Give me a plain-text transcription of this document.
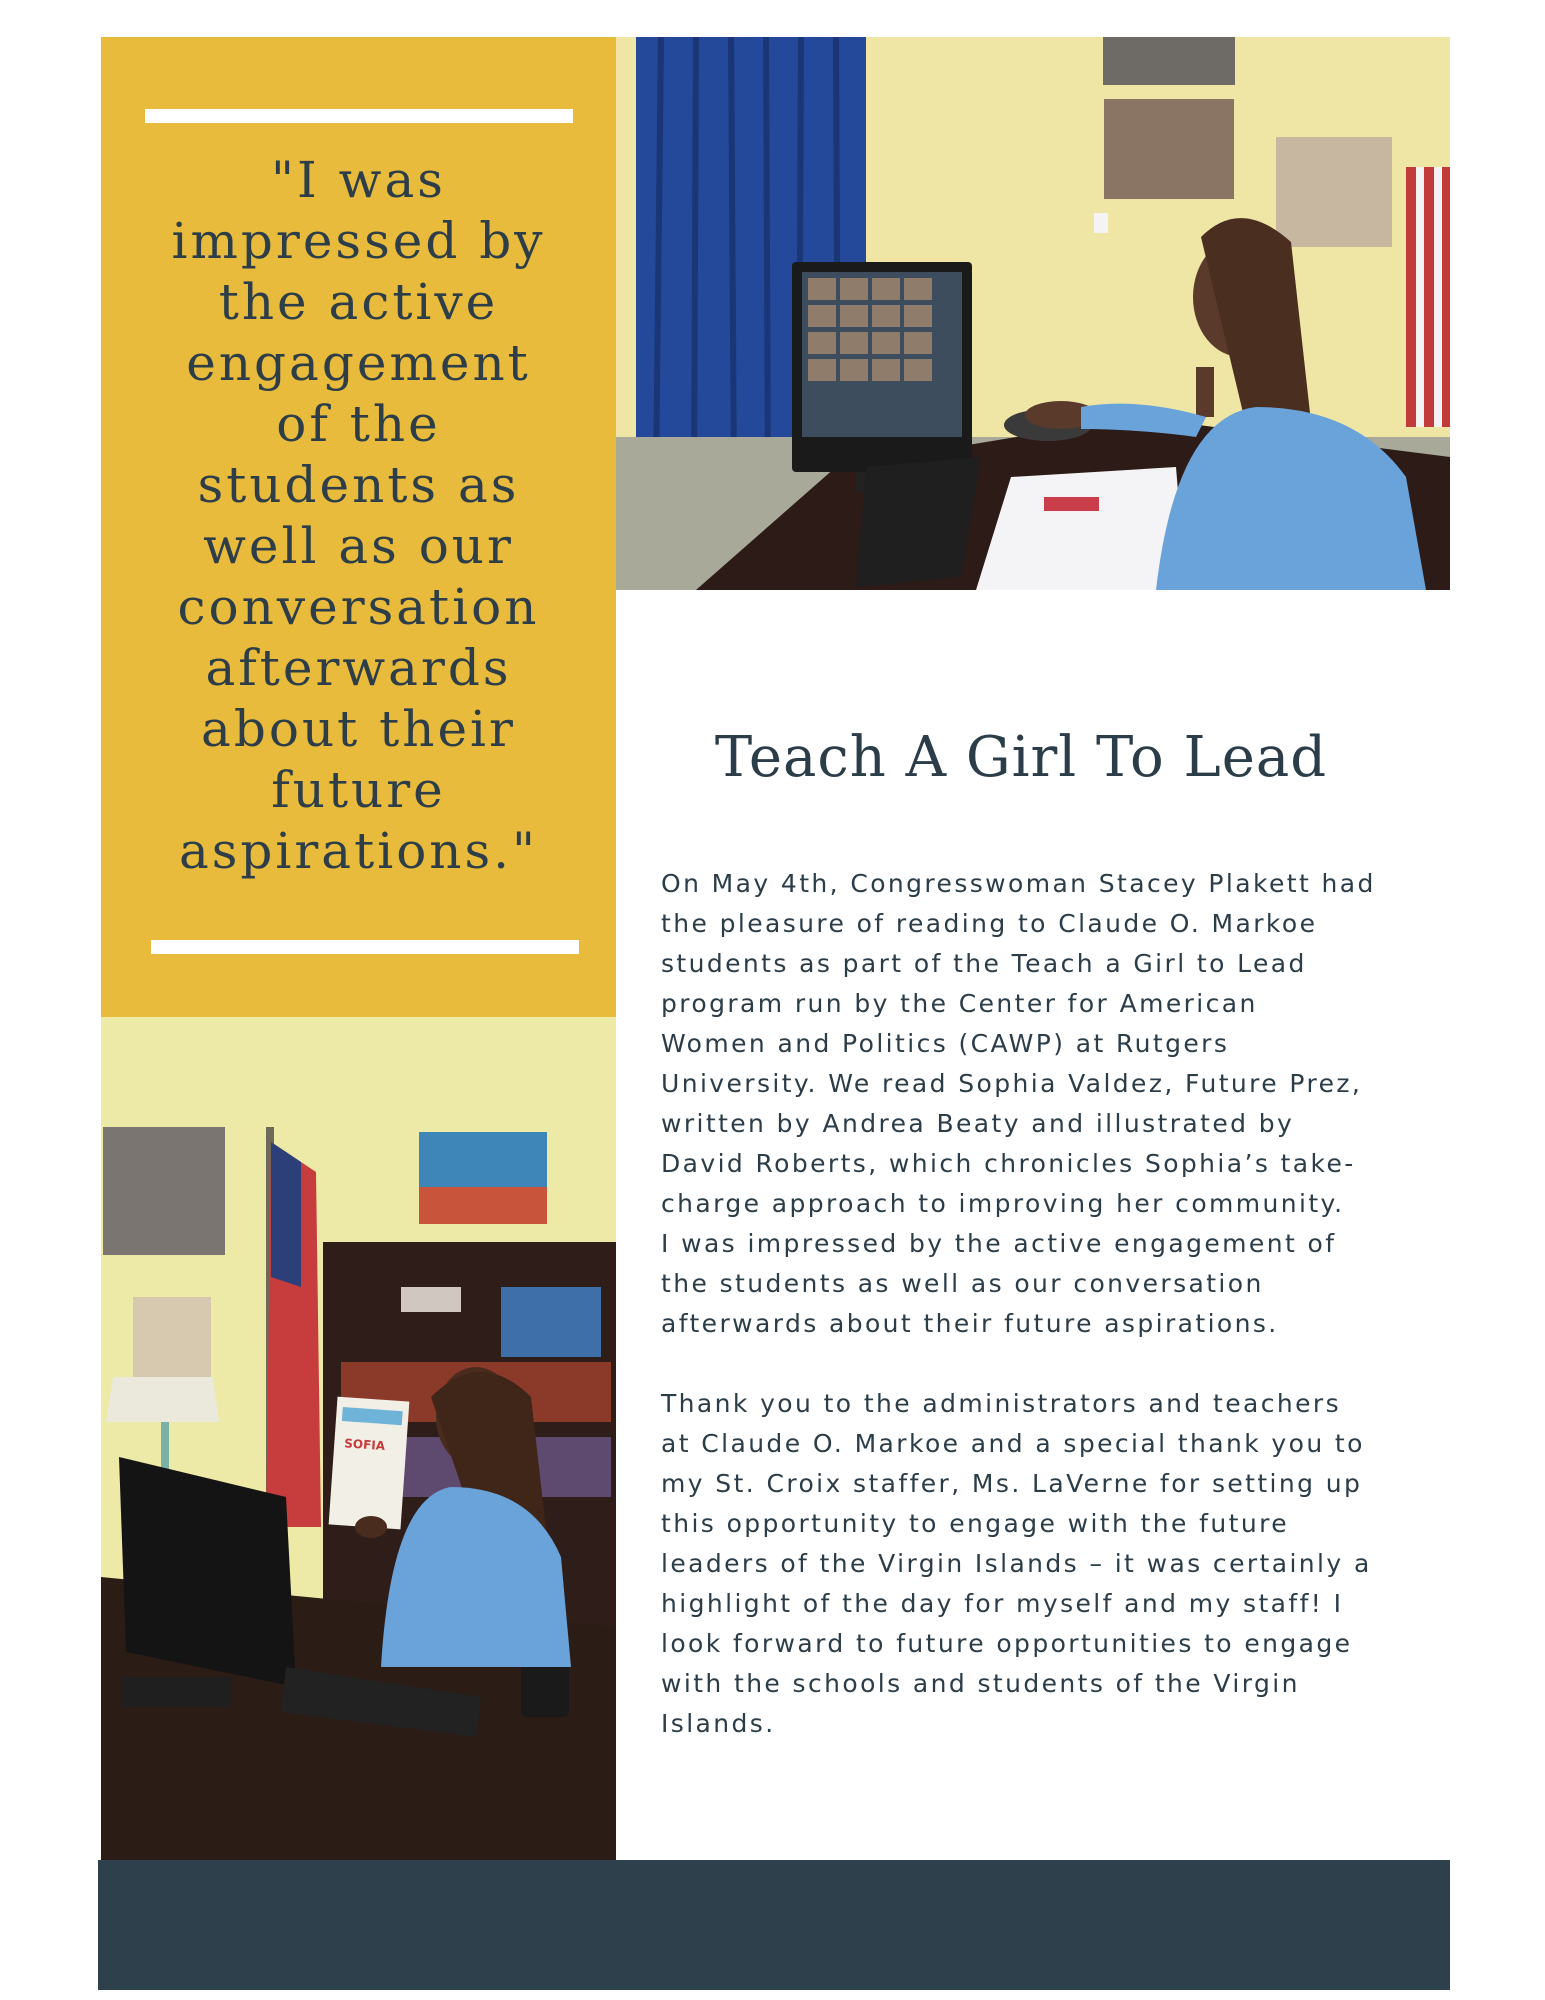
"I was
impressed by
the active
engagement
of the
students as
well as our
conversation
afterwards
about their
future
aspirations."
Teach A Girl To Lead

On May 4th, Congresswoman Stacey Plakett had
the pleasure of reading to Claude O. Markoe
students as part of the Teach a Girl to Lead
program run by the Center for American
Women and Politics (CAWP) at Rutgers
University. We read Sophia Valdez, Future Prez,
written by Andrea Beaty and illustrated by
David Roberts, which chronicles Sophia’s take-
charge approach to improving her community.
I was impressed by the active engagement of
the students as well as our conversation
afterwards about their future aspirations.

Thank you to the administrators and teachers
at Claude O. Markoe and a special thank you to
my St. Croix staffer, Ms. LaVerne for setting up
this opportunity to engage with the future
leaders of the Virgin Islands – it was certainly a
highlight of the day for myself and my staff! I
look forward to future opportunities to engage
with the schools and students of the Virgin
Islands.

SOFIA
